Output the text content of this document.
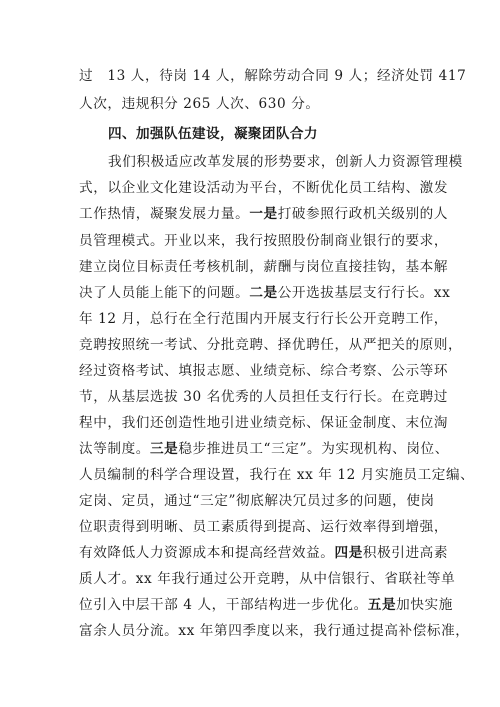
过　13 人，待岗 14 人，解除劳动合同 9 人；经济处罚 417
人次，违规积分 265 人次、630 分。
四、加强队伍建设，凝聚团队合力
我们积极适应改革发展的形势要求，创新人力资源管理模
式，以企业文化建设活动为平台，不断优化员工结构、激发
工作热情，凝聚发展力量。一是打破参照行政机关级别的人
员管理模式。开业以来，我行按照股份制商业银行的要求，
建立岗位目标责任考核机制，薪酬与岗位直接挂钩，基本解
决了人员能上能下的问题。二是公开选拔基层支行行长。xx
年 12 月，总行在全行范围内开展支行行长公开竞聘工作，
竞聘按照统一考试、分批竞聘、择优聘任，从严把关的原则，
经过资格考试、填报志愿、业绩竞标、综合考察、公示等环
节，从基层选拔 30 名优秀的人员担任支行行长。在竞聘过
程中，我们还创造性地引进业绩竞标、保证金制度、末位淘
汰等制度。三是稳步推进员工“三定”。为实现机构、岗位、
人员编制的科学合理设置，我行在 xx 年 12 月实施员工定编、
定岗、定员，通过“三定”彻底解决冗员过多的问题，使岗
位职责得到明晰、员工素质得到提高、运行效率得到增强，
有效降低人力资源成本和提高经营效益。四是积极引进高素
质人才。xx 年我行通过公开竞聘，从中信银行、省联社等单
位引入中层干部 4 人，干部结构进一步优化。五是加快实施
富余人员分流。xx 年第四季度以来，我行通过提高补偿标准，
